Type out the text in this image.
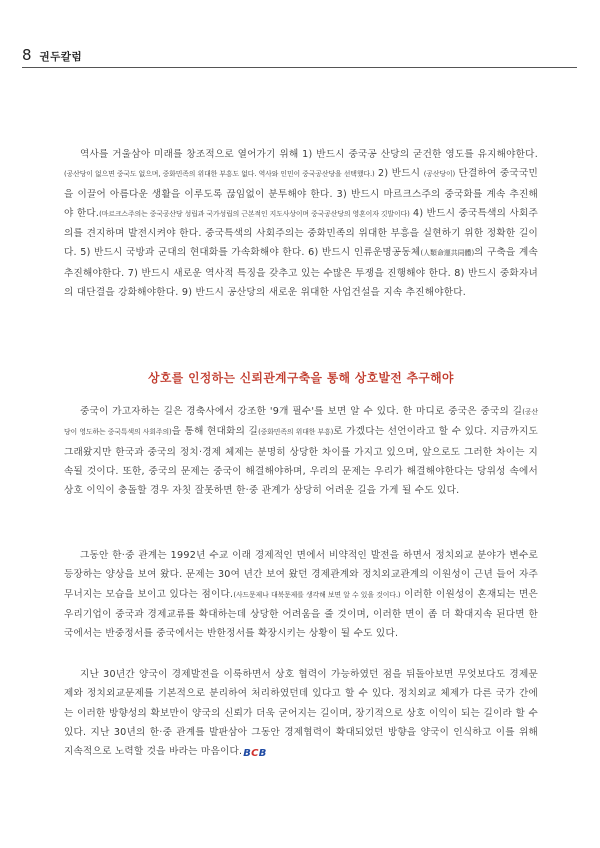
8 권두칼럼

역사를 거울삼아 미래를 창조적으로 열어가기 위해 1) 반드시 중국공 산당의 굳건한 영도를 유지해야한다.(공산당이 없으면 중국도 없으며, 중화민족의 위대한 부흥도 없다. 역사와 인민이 중국공산당을 선택했다.) 2) 반드시 (공산당이) 단결하여 중국국민을 이끌어 아름다운 생활을 이루도록 끊임없이 분투해야 한다. 3) 반드시 마르크스주의 중국화를 계속 추진해야 한다.(마르크스주의는 중국공산당 성립과 국가성립의 근본적인 지도사상이며 중국공산당의 영혼이자 깃발이다) 4) 반드시 중국특색의 사회주의를 견지하며 발전시켜야 한다. 중국특색의 사회주의는 중화민족의 위대한 부흥을 실현하기 위한 정확한 길이다. 5) 반드시 국방과 군대의 현대화를 가속화해야 한다. 6) 반드시 인류운명공동체(人類命運共同體)의 구축을 계속 추진해야한다. 7) 반드시 새로운 역사적 특징을 갖추고 있는 수많은 투쟁을 진행해야 한다. 8) 반드시 중화자녀의 대단결을 강화해야한다. 9) 반드시 공산당의 새로운 위대한 사업건설을 지속 추진해야한다.

상호를 인정하는 신뢰관계구축을 통해 상호발전 추구해야

중국이 가고자하는 길은 경축사에서 강조한 '9개 필수'를 보면 알 수 있다. 한 마디로 중국은 중국의 길(공산당이 영도하는 중국특색의 사회주의)을 통해 현대화의 길(중화민족의 위대한 부흥)로 가겠다는 선언이라고 할 수 있다. 지금까지도 그래왔지만 한국과 중국의 정치·경제 체제는 분명히 상당한 차이를 가지고 있으며, 앞으로도 그러한 차이는 지속될 것이다. 또한, 중국의 문제는 중국이 해결해야하며, 우리의 문제는 우리가 해결해야한다는 당위성 속에서 상호 이익이 충돌할 경우 자칫 잘못하면 한·중 관계가 상당히 어려운 길을 가게 될 수도 있다.

그동안 한·중 관계는 1992년 수교 이래 경제적인 면에서 비약적인 발전을 하면서 정치외교 분야가 변수로 등장하는 양상을 보여 왔다. 문제는 30여 년간 보여 왔던 경제관계와 정치외교관계의 이원성이 근년 들어 자주 무너지는 모습을 보이고 있다는 점이다.(사드문제나 대북문제를 생각해 보면 알 수 있을 것이다.) 이러한 이원성이 혼재되는 면은 우리기업이 중국과 경제교류를 확대하는데 상당한 어려움을 줄 것이며, 이러한 면이 좀 더 확대지속 된다면 한국에서는 반중정서를 중국에서는 반한정서를 확장시키는 상황이 될 수도 있다.

지난 30년간 양국이 경제발전을 이룩하면서 상호 협력이 가능하였던 점을 뒤돌아보면 무엇보다도 경제문제와 정치외교문제를 기본적으로 분리하여 처리하였던데 있다고 할 수 있다. 정치외교 체제가 다른 국가 간에는 이러한 방향성의 확보만이 양국의 신뢰가 더욱 굳어지는 길이며, 장기적으로 상호 이익이 되는 길이라 할 수 있다. 지난 30년의 한·중 관계를 발판삼아 그동안 경제협력이 확대되었던 방향을 양국이 인식하고 이를 위해 지속적으로 노력할 것을 바라는 마음이다.BCB
